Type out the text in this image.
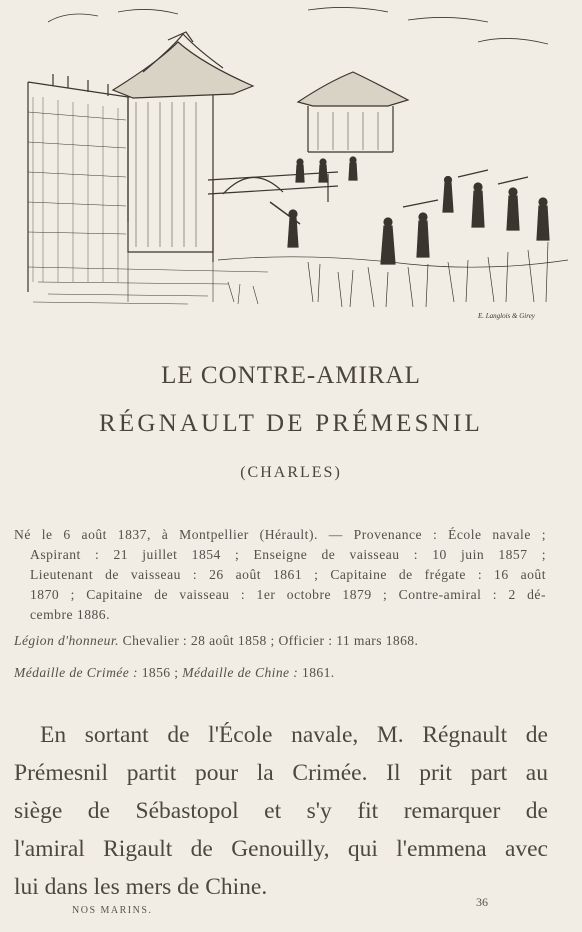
E. Langlois & Girey
LE CONTRE-AMIRAL
RÉGNAULT DE PRÉMESNIL
(CHARLES)
Né le 6 août 1837, à Montpellier (Hérault). — Provenance : École navale ;
Aspirant : 21 juillet 1854 ; Enseigne de vaisseau : 10 juin 1857 ;
Lieutenant de vaisseau : 26 août 1861 ; Capitaine de frégate : 16 août
1870 ; Capitaine de vaisseau : 1er octobre 1879 ; Contre-amiral : 2 dé-
cembre 1886.
Légion d'honneur. Chevalier : 28 août 1858 ; Officier : 11 mars 1868.
Médaille de Crimée : 1856 ; Médaille de Chine : 1861.
En sortant de l'École navale, M. Régnault de
Prémesnil partit pour la Crimée. Il prit part au
siège de Sébastopol et s'y fit remarquer de
l'amiral Rigault de Genouilly, qui l'emmena avec
lui dans les mers de Chine.
NOS MARINS.
36
